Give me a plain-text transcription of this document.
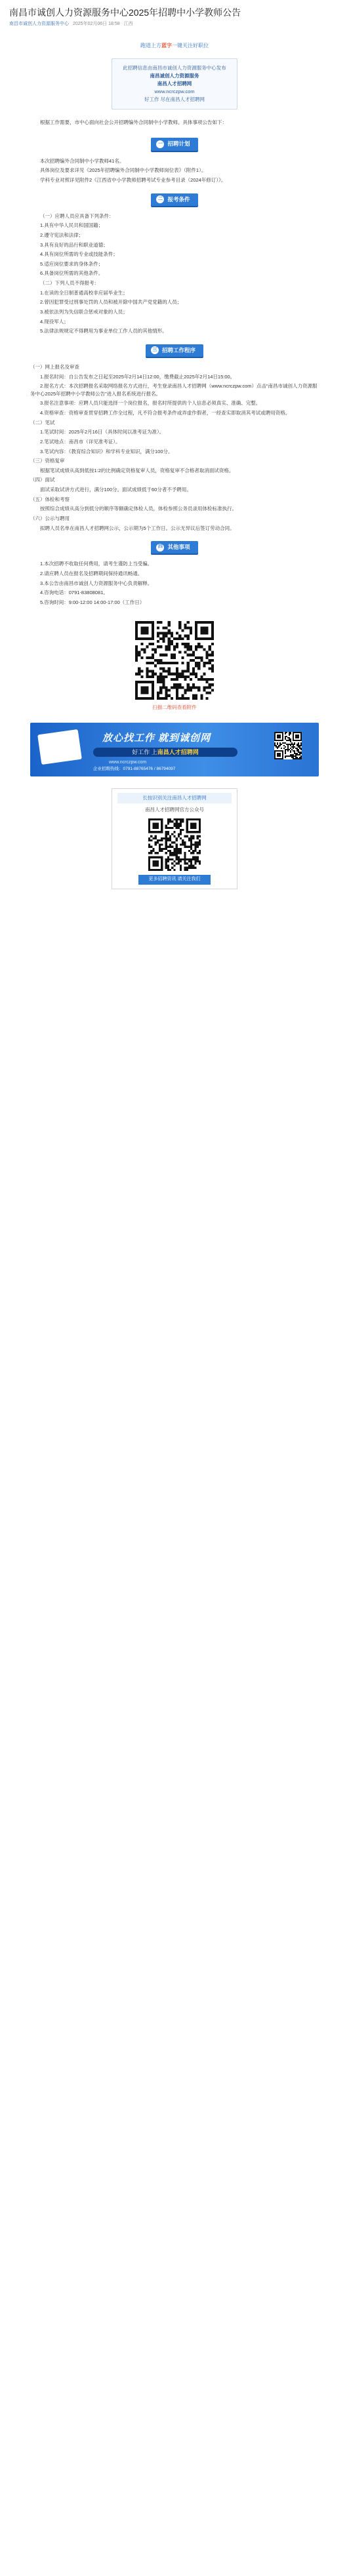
南昌市诚创人力资源服务中心2025年招聘中小学教师公告
南昌市诚创人力资源服务中心 2025年02月06日 18:58 江西
跑道上方蓝字一键关注好职位
此招聘信息由南昌市诚创人力资源服务中心发布
南昌诚创人力资源服务
南昌人才招聘网
www.ncrczpw.com
好工作 尽在南昌人才招聘网
根据工作需要，市中心面向社会公开招聘编外合同制中小学教师。具体事项公告如下：
一 招聘计划
本次招聘编外合同制中小学教师41名。
具体岗位及要求详见《2025年招聘编外合同制中小学教师岗位表》（附件1）。
学科专业对照详见附件2《江西省中小学教师招聘考试专业参考目录（2024年修订）》。
二 报考条件
（一）应聘人员应具备下列条件：
1.具有中华人民共和国国籍；
2.遵守宪法和法律；
3.具有良好的品行和职业道德；
4.具有岗位所需的专业或技能条件；
5.适应岗位要求的身体条件；
6.具备岗位所需的其他条件。
（二）下列人员不得报考：
1.在读的全日制普通高校非应届毕业生；
2.曾因犯罪受过刑事处罚的人员和被开除中国共产党党籍的人员；
3.被依法列为失信联合惩戒对象的人员；
4.现役军人；
5.法律法规规定不得聘用为事业单位工作人员的其他情形。
三 招聘工作程序
（一）网上报名及审查
1.报名时间：自公告发布之日起至2025年2月14日12:00，缴费截止2025年2月14日15:00。
2.报名方式：本次招聘报名采取网络报名方式进行，考生登录南昌人才招聘网（www.ncrczpw.com）点击“南昌市诚创人力资源服务中心2025年招聘中小学教师公告”进入报名系统进行报名。
3.报名注意事项：应聘人员只能选择一个岗位报名，报名时所提供的个人信息必须真实、准确、完整。
4.资格审查：资格审查贯穿招聘工作全过程，凡不符合报考条件或弄虚作假者，一经查实即取消其考试或聘用资格。
（二）笔试
1.笔试时间：2025年2月16日（具体时间以准考证为准）。
2.笔试地点：南昌市（详见准考证）。
3.笔试内容：《教育综合知识》和学科专业知识，满分100分。
（三）资格复审
根据笔试成绩从高到低按1:2的比例确定资格复审人员，资格复审不合格者取消面试资格。
（四）面试
面试采取试讲方式进行，满分100分。面试成绩低于60分者不予聘用。
（五）体检和考察
按照综合成绩从高分到低分的顺序等额确定体检人员，体检参照公务员录用体检标准执行。
（六）公示与聘用
拟聘人员名单在南昌人才招聘网公示，公示期为5个工作日。公示无异议后签订劳动合同。
四 其他事项
1.本次招聘不收取任何费用，请考生谨防上当受骗。
2.请应聘人员在报名及招聘期间保持通讯畅通。
3.本公告由南昌市诚创人力资源服务中心负责解释。
4.咨询电话：0791-83808081。
5.咨询时间：9:00-12:00 14:00-17:00（工作日）
扫描二维码查看附件
放心找工作 就到诚创网
好工作 上南昌人才招聘网
www.ncrczpw.com
企业招聘热线：0791-88765476 / 86794097
长按识别关注南昌人才招聘网
南昌人才招聘网官方公众号
更多招聘资讯 请关注我们
